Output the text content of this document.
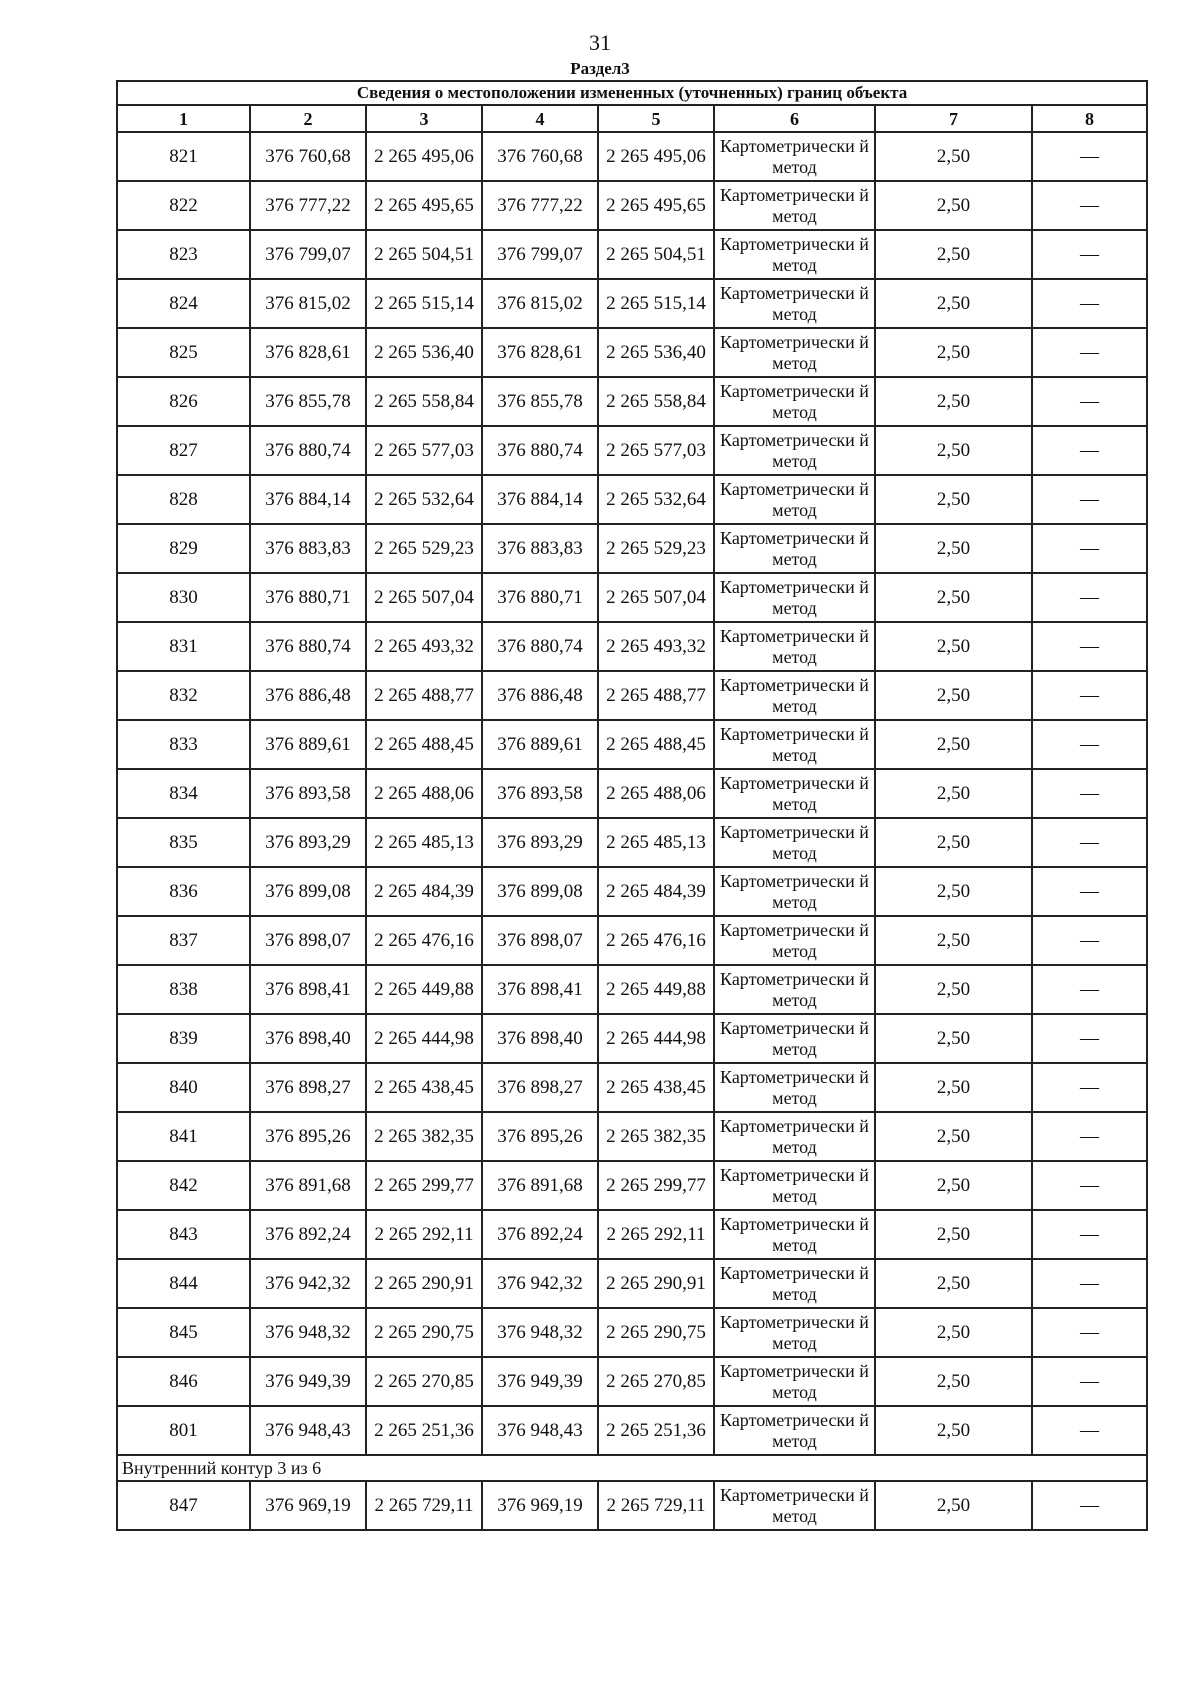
31
Раздел3
Сведения о местоположении измененных (уточненных) границ объекта							
1	2	3	4	5	6	7	8
821	376 760,68	2 265 495,06	376 760,68	2 265 495,06	Картометрически й метод	2,50	—
822	376 777,22	2 265 495,65	376 777,22	2 265 495,65	Картометрически й метод	2,50	—
823	376 799,07	2 265 504,51	376 799,07	2 265 504,51	Картометрически й метод	2,50	—
824	376 815,02	2 265 515,14	376 815,02	2 265 515,14	Картометрически й метод	2,50	—
825	376 828,61	2 265 536,40	376 828,61	2 265 536,40	Картометрически й метод	2,50	—
826	376 855,78	2 265 558,84	376 855,78	2 265 558,84	Картометрически й метод	2,50	—
827	376 880,74	2 265 577,03	376 880,74	2 265 577,03	Картометрически й метод	2,50	—
828	376 884,14	2 265 532,64	376 884,14	2 265 532,64	Картометрически й метод	2,50	—
829	376 883,83	2 265 529,23	376 883,83	2 265 529,23	Картометрически й метод	2,50	—
830	376 880,71	2 265 507,04	376 880,71	2 265 507,04	Картометрически й метод	2,50	—
831	376 880,74	2 265 493,32	376 880,74	2 265 493,32	Картометрически й метод	2,50	—
832	376 886,48	2 265 488,77	376 886,48	2 265 488,77	Картометрически й метод	2,50	—
833	376 889,61	2 265 488,45	376 889,61	2 265 488,45	Картометрически й метод	2,50	—
834	376 893,58	2 265 488,06	376 893,58	2 265 488,06	Картометрически й метод	2,50	—
835	376 893,29	2 265 485,13	376 893,29	2 265 485,13	Картометрически й метод	2,50	—
836	376 899,08	2 265 484,39	376 899,08	2 265 484,39	Картометрически й метод	2,50	—
837	376 898,07	2 265 476,16	376 898,07	2 265 476,16	Картометрически й метод	2,50	—
838	376 898,41	2 265 449,88	376 898,41	2 265 449,88	Картометрически й метод	2,50	—
839	376 898,40	2 265 444,98	376 898,40	2 265 444,98	Картометрически й метод	2,50	—
840	376 898,27	2 265 438,45	376 898,27	2 265 438,45	Картометрически й метод	2,50	—
841	376 895,26	2 265 382,35	376 895,26	2 265 382,35	Картометрически й метод	2,50	—
842	376 891,68	2 265 299,77	376 891,68	2 265 299,77	Картометрически й метод	2,50	—
843	376 892,24	2 265 292,11	376 892,24	2 265 292,11	Картометрически й метод	2,50	—
844	376 942,32	2 265 290,91	376 942,32	2 265 290,91	Картометрически й метод	2,50	—
845	376 948,32	2 265 290,75	376 948,32	2 265 290,75	Картометрически й метод	2,50	—
846	376 949,39	2 265 270,85	376 949,39	2 265 270,85	Картометрически й метод	2,50	—
801	376 948,43	2 265 251,36	376 948,43	2 265 251,36	Картометрически й метод	2,50	—
Внутренний контур 3 из 6							
847	376 969,19	2 265 729,11	376 969,19	2 265 729,11	Картометрически й метод	2,50	—
